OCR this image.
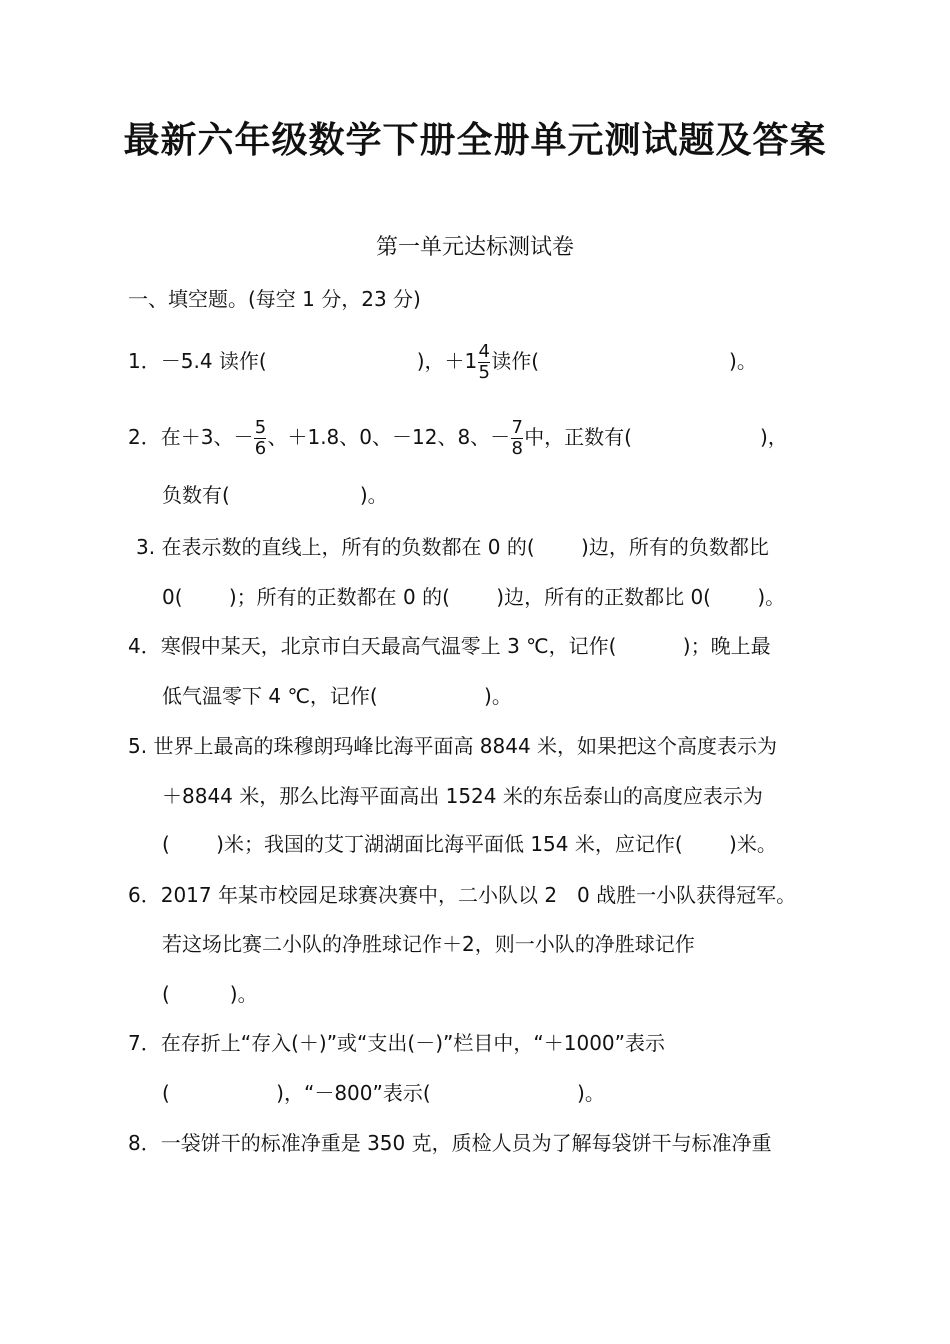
最新六年级数学下册全册单元测试题及答案
第一单元达标测试卷
一、填空题。(每空 1 分，23 分)
1．－5.4 读作(	)，$+1 \frac{4}{5}$ 读作(	)。
2．在＋3、－ $\frac{5}{6}$ 、＋1.8、0、－12、8、－ $\frac{7}{8}$ 中，正数有(	)，
负数有(	)。
3. 在表示数的直线上，所有的负数都在 0 的(　　 )边，所有的负数都比
0(　　 )；所有的正数都在 0 的(　　 )边，所有的正数都比 0(　　 )。
4．寒假中某天，北京市白天最高气温零上 3 ℃，记作(　　　 )；晚上最
低气温零下 4 ℃，记作(　　　　　 )。
5. 世界上最高的珠穆朗玛峰比海平面高 8844 米，如果把这个高度表示为
＋8844 米，那么比海平面高出 1524 米的东岳泰山的高度应表示为
(　　 )米；我国的艾丁湖湖面比海平面低 154 米，应记作(　　 )米。
6．2017 年某市校园足球赛决赛中，二小队以 2　0 战胜一小队获得冠军。
若这场比赛二小队的净胜球记作＋2，则一小队的净胜球记作
(　　　)。
7．在存折上“存入(＋)”或“支出(－)”栏目中，“＋1000”表示
(　　　　　 )，“－800”表示(　　　　　　　 )。
8．一袋饼干的标准净重是 350 克，质检人员为了解每袋饼干与标准净重
